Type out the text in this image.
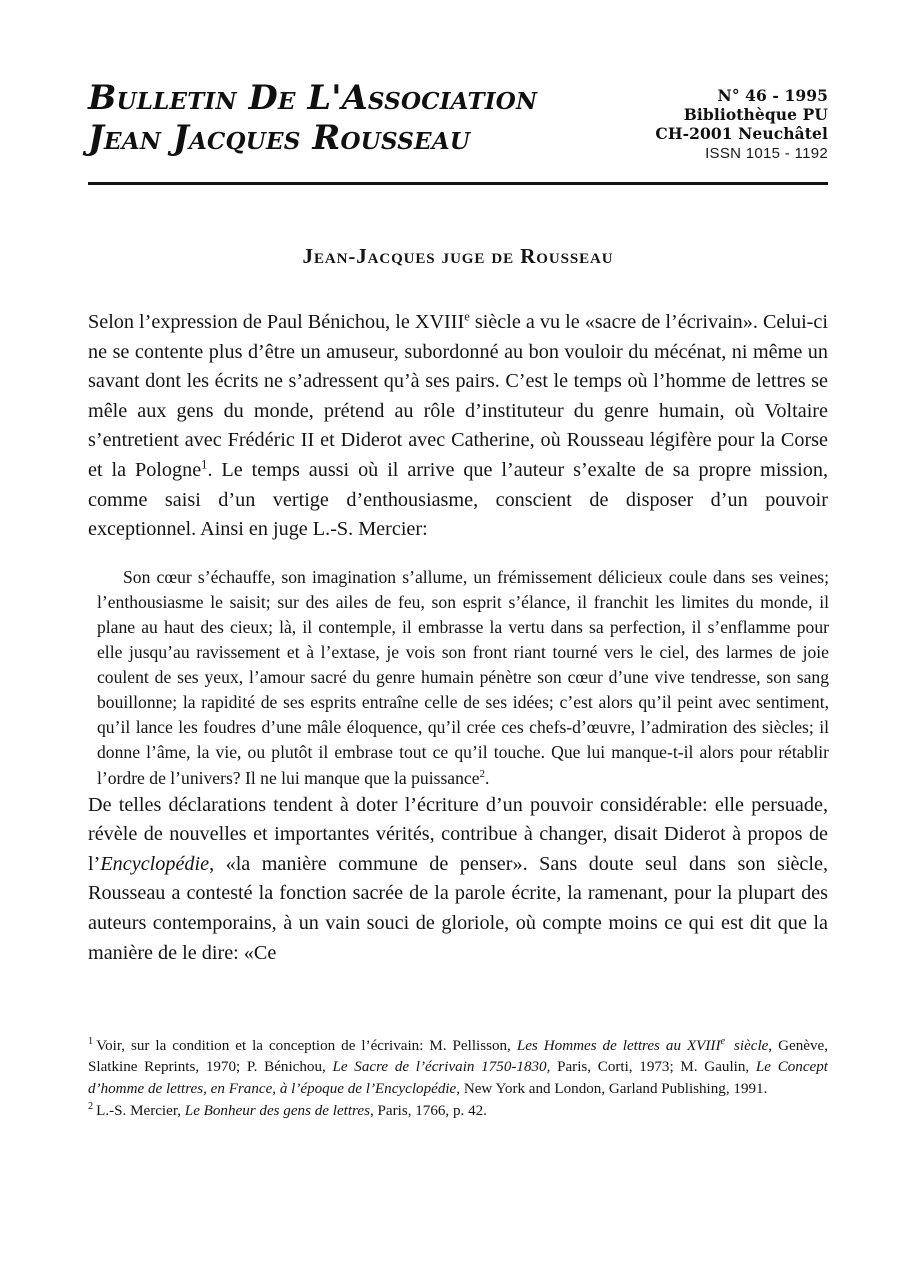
Bulletin De L'Association
Jean Jacques Rousseau
N° 46 - 1995
Bibliothèque PU
CH-2001 Neuchâtel
ISSN 1015 - 1192
Jean-Jacques juge de Rousseau

Selon l’expression de Paul Bénichou, le XVIIIe siècle a vu le «sacre de l’écrivain». Celui-ci ne se contente plus d’être un amuseur, subordonné au bon vouloir du mécénat, ni même un savant dont les écrits ne s’adressent qu’à ses pairs. C’est le temps où l’homme de lettres se mêle aux gens du monde, prétend au rôle d’instituteur du genre humain, où Voltaire s’entretient avec Frédéric II et Diderot avec Catherine, où Rousseau légifère pour la Corse et la Pologne$^1$. Le temps aussi où il arrive que l’auteur s’exalte de sa propre mission, comme saisi d’un vertige d’enthousiasme, conscient de disposer d’un pouvoir exceptionnel. Ainsi en juge L.-S. Mercier:

Son cœur s’échauffe, son imagination s’allume, un frémissement délicieux coule dans ses veines; l’enthousiasme le saisit; sur des ailes de feu, son esprit s’élance, il franchit les limites du monde, il plane au haut des cieux; là, il contemple, il embrasse la vertu dans sa perfection, il s’enflamme pour elle jusqu’au ravissement et à l’extase, je vois son front riant tourné vers le ciel, des larmes de joie coulent de ses yeux, l’amour sacré du genre humain pénètre son cœur d’une vive tendresse, son sang bouillonne; la rapidité de ses esprits entraîne celle de ses idées; c’est alors qu’il peint avec sentiment, qu’il lance les foudres d’une mâle éloquence, qu’il crée ces chefs-d’œuvre, l’admiration des siècles; il donne l’âme, la vie, ou plutôt il embrase tout ce qu’il touche. Que lui manque-t-il alors pour rétablir l’ordre de l’univers? Il ne lui manque que la puissance$^2$.

De telles déclarations tendent à doter l’écriture d’un pouvoir considérable: elle persuade, révèle de nouvelles et importantes vérités, contribue à changer, disait Diderot à propos de l’Encyclopédie, «la manière commune de penser». Sans doute seul dans son siècle, Rousseau a contesté la fonction sacrée de la parole écrite, la ramenant, pour la plupart des auteurs contemporains, à un vain souci de gloriole, où compte moins ce qui est dit que la manière de le dire: «Ce

$^1$ Voir, sur la condition et la conception de l’écrivain: M. Pellisson, Les Hommes de lettres au XVIIIe siècle, Genève, Slatkine Reprints, 1970; P. Bénichou, Le Sacre de l’écrivain 1750-1830, Paris, Corti, 1973; M. Gaulin, Le Concept d’homme de lettres, en France, à l’époque de l’Encyclopédie, New York and London, Garland Publishing, 1991.

$^2$ L.-S. Mercier, Le Bonheur des gens de lettres, Paris, 1766, p. 42.
